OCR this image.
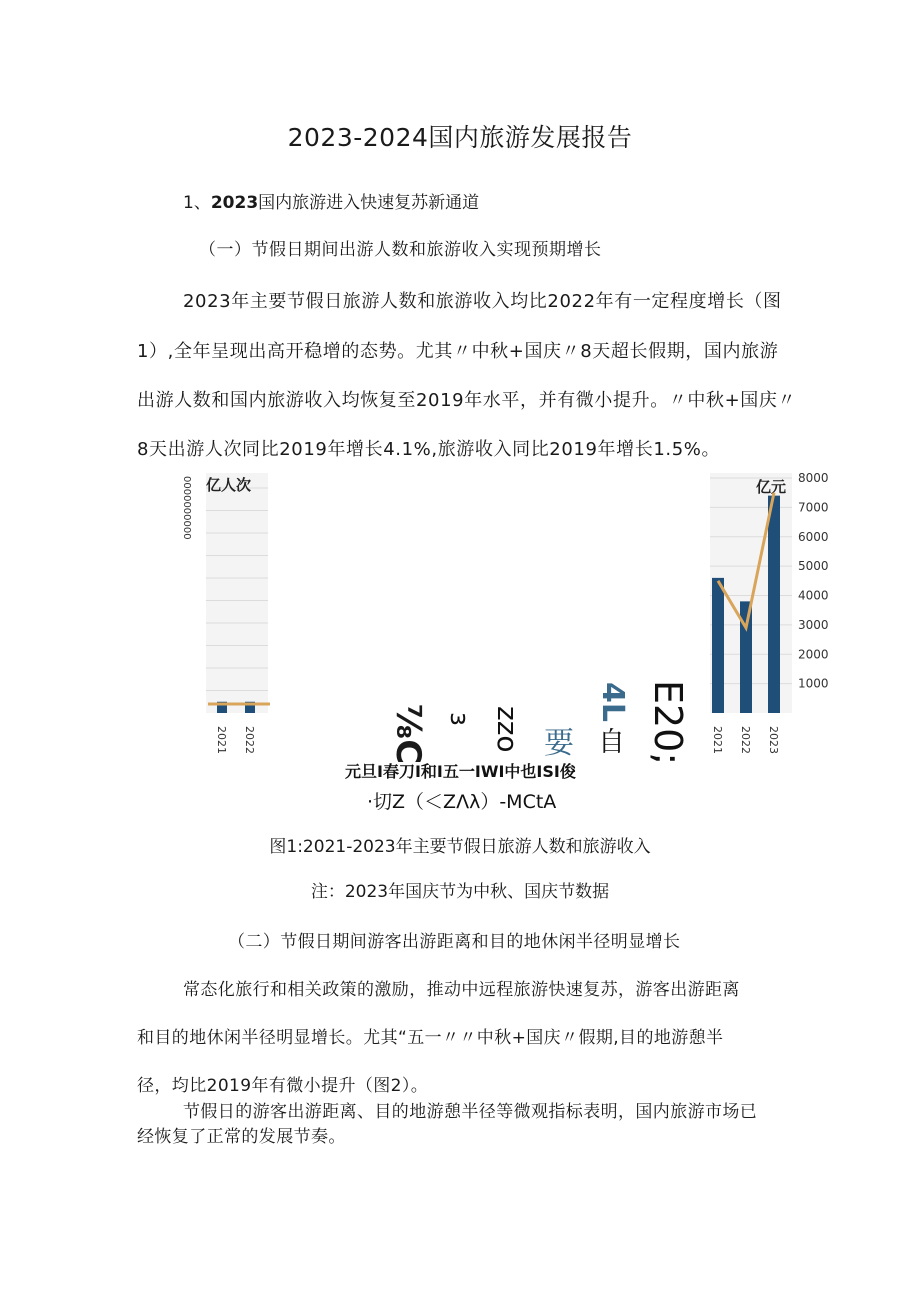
2023-2024国内旅游发展报告
1、2023国内旅游进入快速复苏新通道
（一）节假日期间出游人数和旅游收入实现预期增长
2023年主要节假日旅游人数和旅游收入均比2022年有一定程度增长（图
1）,全年呈现出高开稳增的态势。尤其〃中秋+国庆〃8天超长假期，国内旅游
出游人数和国内旅游收入均恢复至2019年水平，并有微小提升。〃中秋+国庆〃
8天出游人次同比2019年增长4.1%,旅游收入同比2019年增长1.5%。
0000000000 亿人次
2021 2022
8000
7000
6000
5000
4000
3000
2000
1000
亿元
2021 2022 2023
⅞C ɜ zzo 要
4L
自 E20;
元旦I春刀I和I五一IWI中也ISI俊
·切Z（＜ZΛλ）-MCtA
图1:2021-2023年主要节假日旅游人数和旅游收入
注：2023年国庆节为中秋、国庆节数据
（二）节假日期间游客出游距离和目的地休闲半径明显增长
常态化旅行和相关政策的激励，推动中远程旅游快速复苏，游客出游距离
和目的地休闲半径明显增长。尤其“五一〃〃中秋+国庆〃假期,目的地游憩半
径，均比2019年有微小提升（图2）。
节假日的游客出游距离、目的地游憩半径等微观指标表明，国内旅游市场已
经恢复了正常的发展节奏。
